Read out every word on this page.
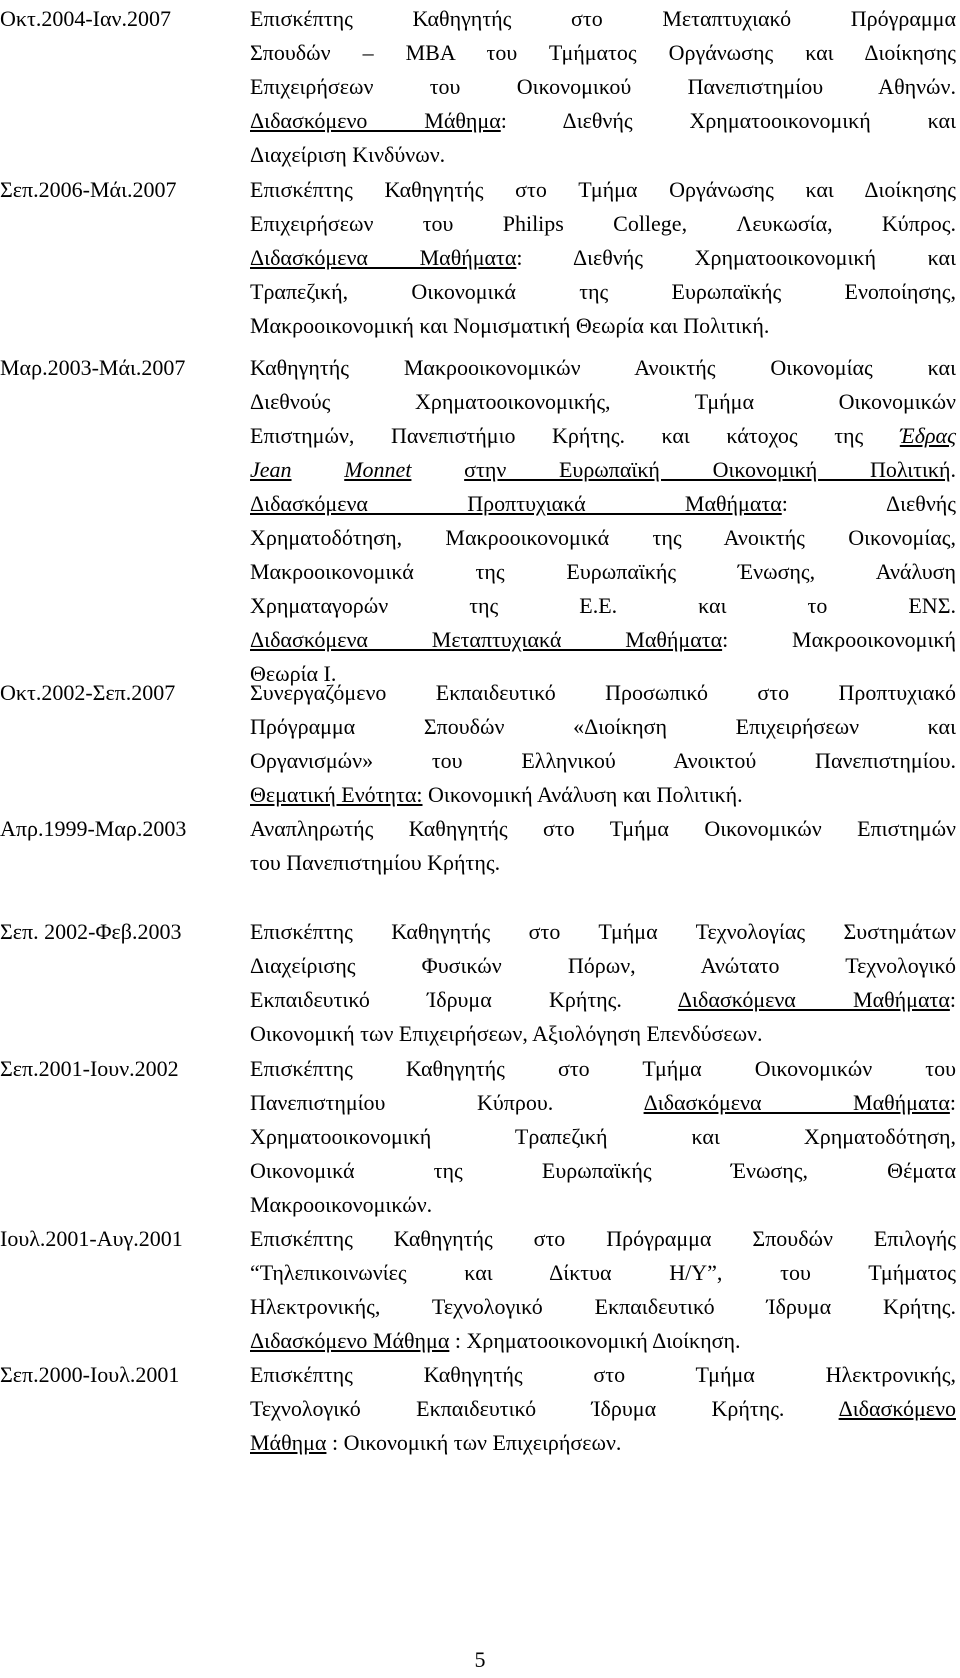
Οκτ.2004-Ιαν.2007	Επισκέπτης Καθηγητής στο Μεταπτυχιακό Πρόγραμμα
Σπουδών – MBA του Τμήματος Οργάνωσης και Διοίκησης
Επιχειρήσεων του Οικονομικού Πανεπιστημίου Αθηνών.
Διδασκόμενο Μάθημα: Διεθνής Χρηματοοικονομική και
Διαχείριση Κινδύνων.
Σεπ.2006-Μάι.2007	Επισκέπτης Καθηγητής στο Τμήμα Οργάνωσης και Διοίκησης
Επιχειρήσεων του Philips College, Λευκωσία, Κύπρος.
Διδασκόμενα Μαθήματα: Διεθνής Χρηματοοικονομική και
Τραπεζική, Οικονομικά της Ευρωπαϊκής Ενοποίησης,
Μακροοικονομική και Νομισματική Θεωρία και Πολιτική.
Μαρ.2003-Μάι.2007	Καθηγητής Μακροοικονομικών Ανοικτής Οικονομίας και
Διεθνούς Χρηματοοικονομικής, Τμήμα Οικονομικών
Επιστημών, Πανεπιστήμιο Κρήτης. και κάτοχος της Έδρας
Jean Monnet στην Ευρωπαϊκή Οικονομική Πολιτική.
Διδασκόμενα Προπτυχιακά Μαθήματα: Διεθνής
Χρηματοδότηση, Μακροοικονομικά της Ανοικτής Οικονομίας,
Μακροοικονομικά της Ευρωπαϊκής Ένωσης, Ανάλυση
Χρηματαγορών της Ε.Ε. και το ΕΝΣ.
Διδασκόμενα Μεταπτυχιακά Μαθήματα: Μακροοικονομική
Θεωρία Ι.
Οκτ.2002-Σεπ.2007	Συνεργαζόμενο Εκπαιδευτικό Προσωπικό στο Προπτυχιακό
Πρόγραμμα Σπουδών «Διοίκηση Επιχειρήσεων και
Οργανισμών» του Ελληνικού Ανοικτού Πανεπιστημίου.
Θεματική Ενότητα: Οικονομική Ανάλυση και Πολιτική.
Απρ.1999-Μαρ.2003	Αναπληρωτής Καθηγητής στο Τμήμα Οικονομικών Επιστημών
του Πανεπιστημίου Κρήτης.
Σεπ. 2002-Φεβ.2003	Επισκέπτης Καθηγητής στο Τμήμα Τεχνολογίας Συστημάτων
Διαχείρισης Φυσικών Πόρων, Ανώτατο Τεχνολογικό
Εκπαιδευτικό Ίδρυμα Κρήτης. Διδασκόμενα Μαθήματα:
Οικονομική των Επιχειρήσεων, Αξιολόγηση Επενδύσεων.
Σεπ.2001-Ιουν.2002	Επισκέπτης Καθηγητής στο Τμήμα Οικονομικών του
Πανεπιστημίου Κύπρου. Διδασκόμενα Μαθήματα:
Χρηματοοικονομική Τραπεζική και Χρηματοδότηση,
Οικονομικά της Ευρωπαϊκής Ένωσης, Θέματα
Μακροοικονομικών.
Ιουλ.2001-Αυγ.2001	Επισκέπτης Καθηγητής στο Πρόγραμμα Σπουδών Επιλογής
“Τηλεπικοινωνίες και Δίκτυα Η/Υ”, του Τμήματος
Ηλεκτρονικής, Τεχνολογικό Εκπαιδευτικό Ίδρυμα Κρήτης.
Διδασκόμενο Μάθημα : Χρηματοοικονομική Διοίκηση.
Σεπ.2000-Ιουλ.2001	Επισκέπτης Καθηγητής στο Τμήμα Ηλεκτρονικής,
Τεχνολογικό Εκπαιδευτικό Ίδρυμα Κρήτης. Διδασκόμενο
Μάθημα : Οικονομική των Επιχειρήσεων.
5
